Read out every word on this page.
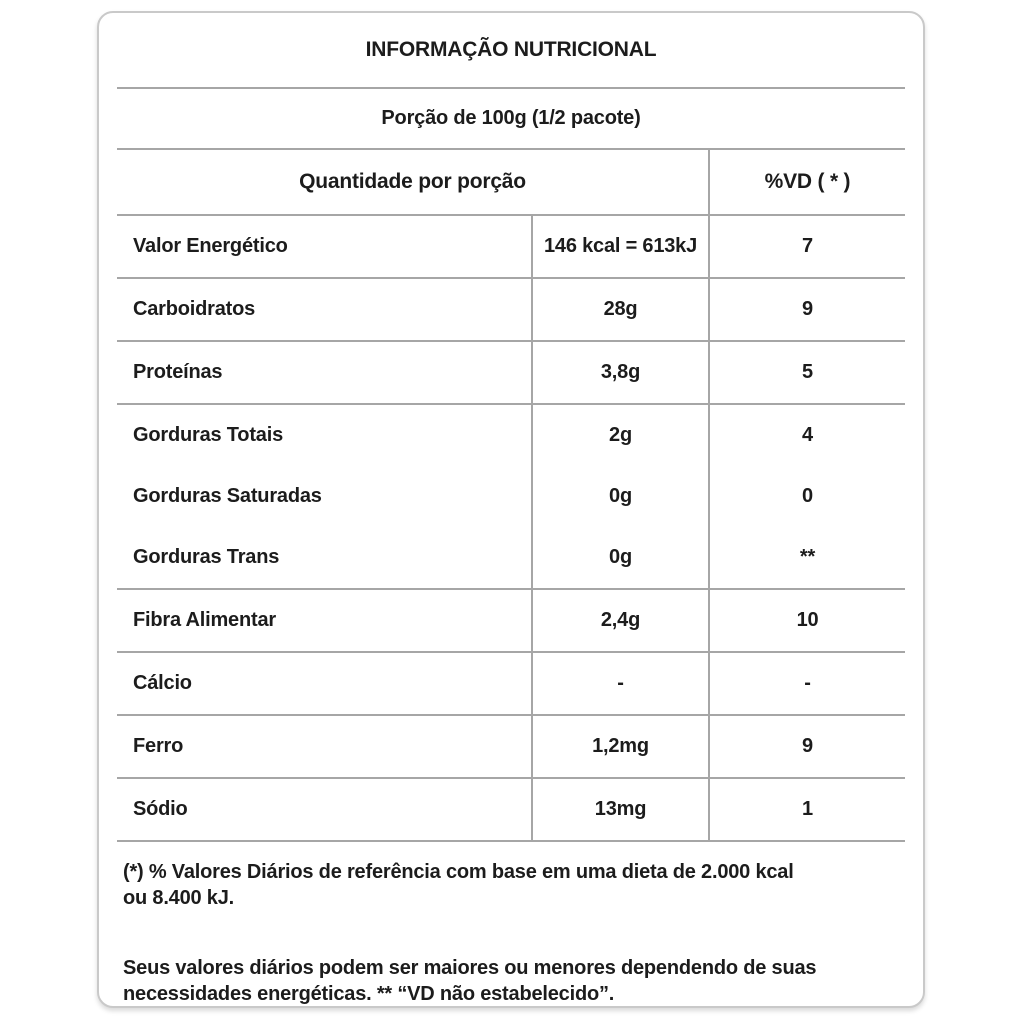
INFORMAÇÃO NUTRICIONAL
Porção de 100g (1/2 pacote)
Quantidade por porção	%VD ( * )
Valor Energético	146 kcal = 613kJ	7
Carboidratos	28g	9
Proteínas	3,8g	5
Gorduras Totais	2g	4
Gorduras Saturadas	0g	0
Gorduras Trans	0g	**
Fibra Alimentar	2,4g	10
Cálcio	-	-
Ferro	1,2mg	9
Sódio	13mg	1
(*) % Valores Diários de referência com base em uma dieta de 2.000 kcal
ou 8.400 kJ.
Seus valores diários podem ser maiores ou menores dependendo de suas
necessidades energéticas. ** “VD não estabelecido”.
